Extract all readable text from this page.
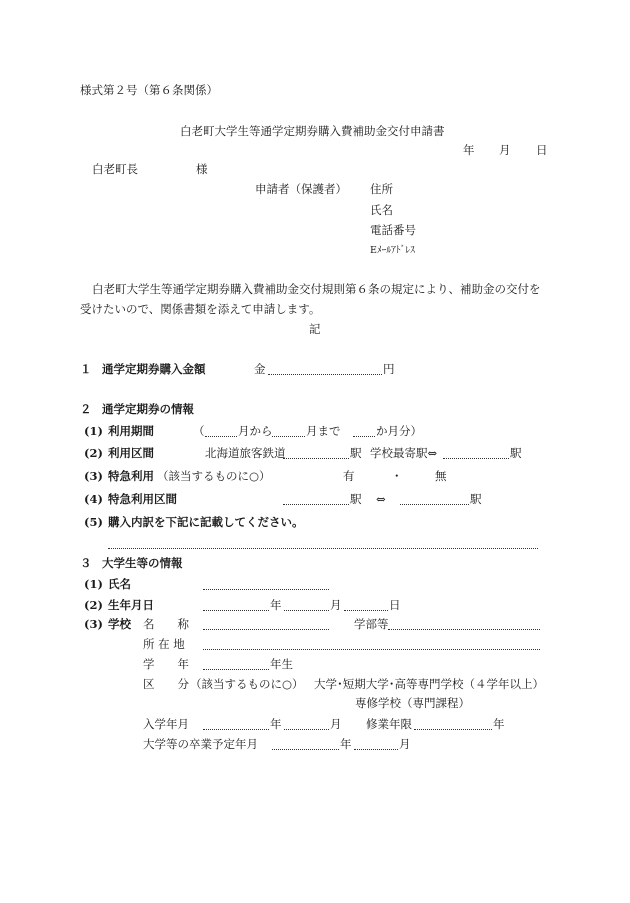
様式第２号（第６条関係）
白老町大学生等通学定期券購入費補助金交付申請書
年 月 日
白老町長	様
申請者（保護者） 住所
氏名
電話番号
Eﾒｰﾙｱﾄﾞﾚｽ
白老町大学生等通学定期券購入費補助金交付規則第６条の規定により、補助金の交付を
受けたいので、関係書類を添えて申請します。
記
１ 通学定期券購入金額	金	円
２ 通学定期券の情報
(1) 利用期間	（	月から	月まで	か月分）
(2) 利用区間	北海道旅客鉄道	駅 学校最寄駅⇔	駅
(3) 特急利用 （該当するものに○）	有	・	無
(4) 特急利用区間	駅 ⇔	駅
(5) 購入内訳を下記に記載してください。
３ 大学生等の情報
(1) 氏名
(2) 生年月日	年	月	日
(3) 学校 名　　称	学部等
所 在 地
学　　年	年生
区　　分 （該当するものに○） 大学･短期大学･高等専門学校（４学年以上）
専修学校（専門課程）
入学年月	年	月 修業年限	年
大学等の卒業予定年月	年	月
